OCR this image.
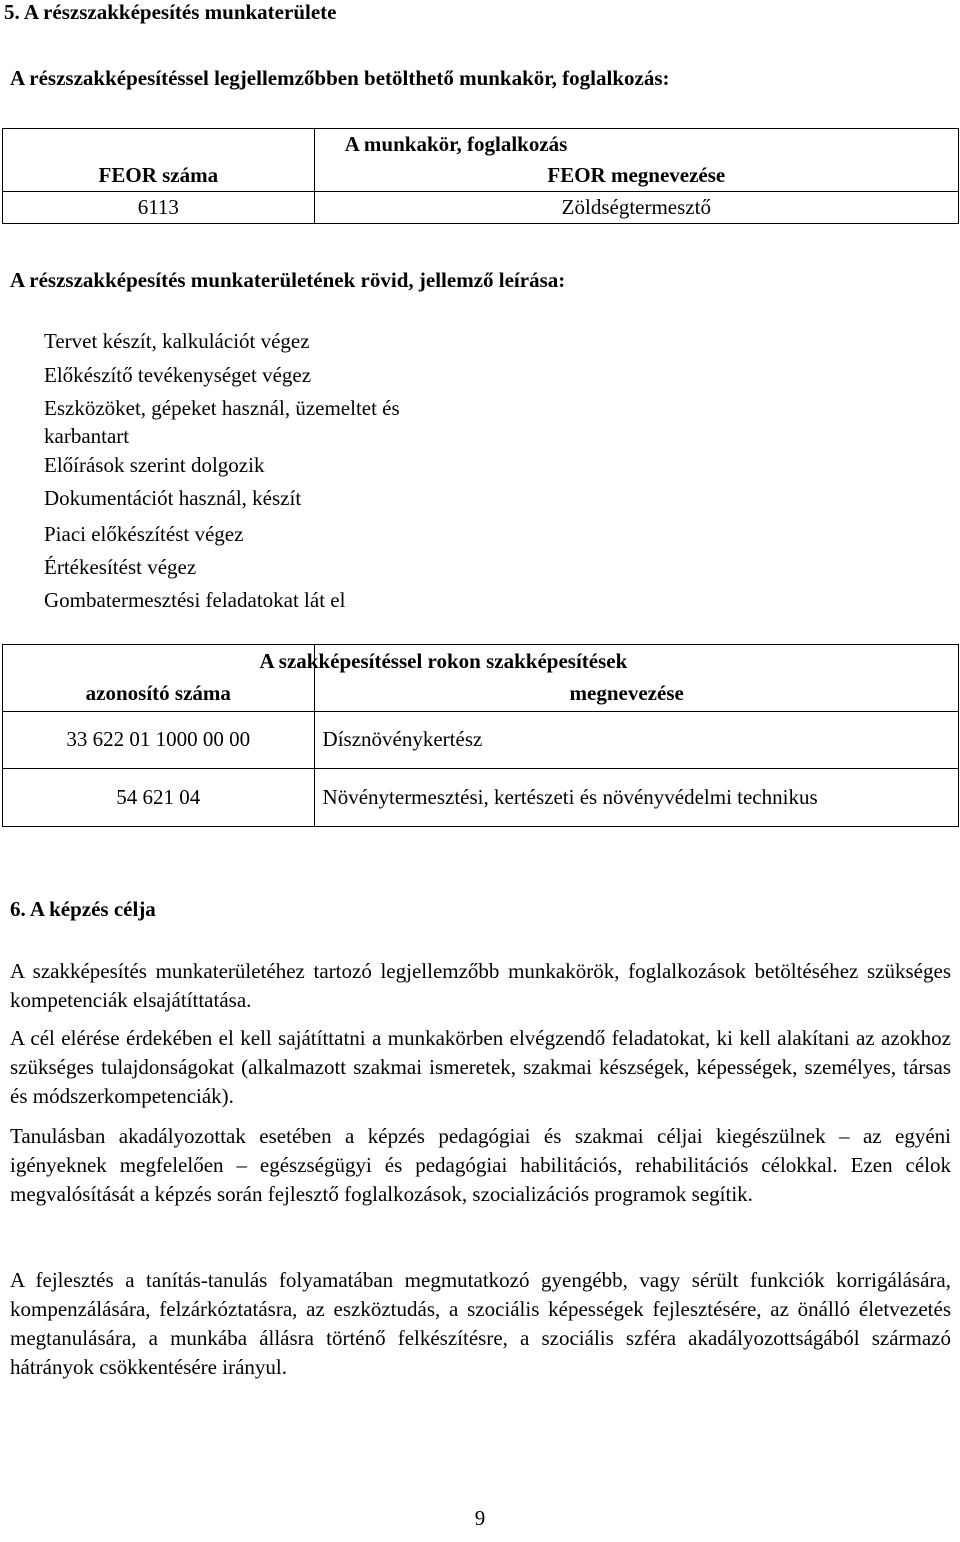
5. A részszakképesítés munkaterülete
A részszakképesítéssel legjellemzőbben betölthető munkakör, foglalkozás:
	A munkakör, foglalkozás
FEOR száma	FEOR megnevezése
6113	Zöldségtermesztő
A részszakképesítés munkaterületének rövid, jellemző leírása:
Tervet készít, kalkulációt végez
Előkészítő tevékenységet végez
Eszközöket, gépeket használ, üzemeltet és
karbantart
Előírások szerint dolgozik
Dokumentációt használ, készít
Piaci előkészítést végez
Értékesítést végez
Gombatermesztési feladatokat lát el

	A szakképesítéssel rokon szakképesítések

azonosító száma	megnevezése
33 622 01 1000 00 00	Dísznövénykertész
54 621 04	Növénytermesztési, kertészeti és növényvédelmi technikus
6. A képzés célja
A szakképesítés munkaterületéhez tartozó legjellemzőbb munkakörök, foglalkozások betöltéséhez szükséges kompetenciák elsajátíttatása.
A cél elérése érdekében el kell sajátíttatni a munkakörben elvégzendő feladatokat, ki kell alakítani az azokhoz szükséges tulajdonságokat (alkalmazott szakmai ismeretek, szakmai készségek, képességek, személyes, társas és módszerkompetenciák).
Tanulásban akadályozottak esetében a képzés pedagógiai és szakmai céljai kiegészülnek – az egyéni igényeknek megfelelően – egészségügyi és pedagógiai habilitációs, rehabilitációs célokkal. Ezen célok megvalósítását a képzés során fejlesztő foglalkozások, szocializációs programok segítik.
A fejlesztés a tanítás-tanulás folyamatában megmutatkozó gyengébb, vagy sérült funkciók korrigálására, kompenzálására, felzárkóztatásra, az eszköztudás, a szociális képességek fejlesztésére, az önálló életvezetés megtanulására, a munkába állásra történő felkészítésre, a szociális szféra akadályozottságából származó hátrányok csökkentésére irányul.
9
